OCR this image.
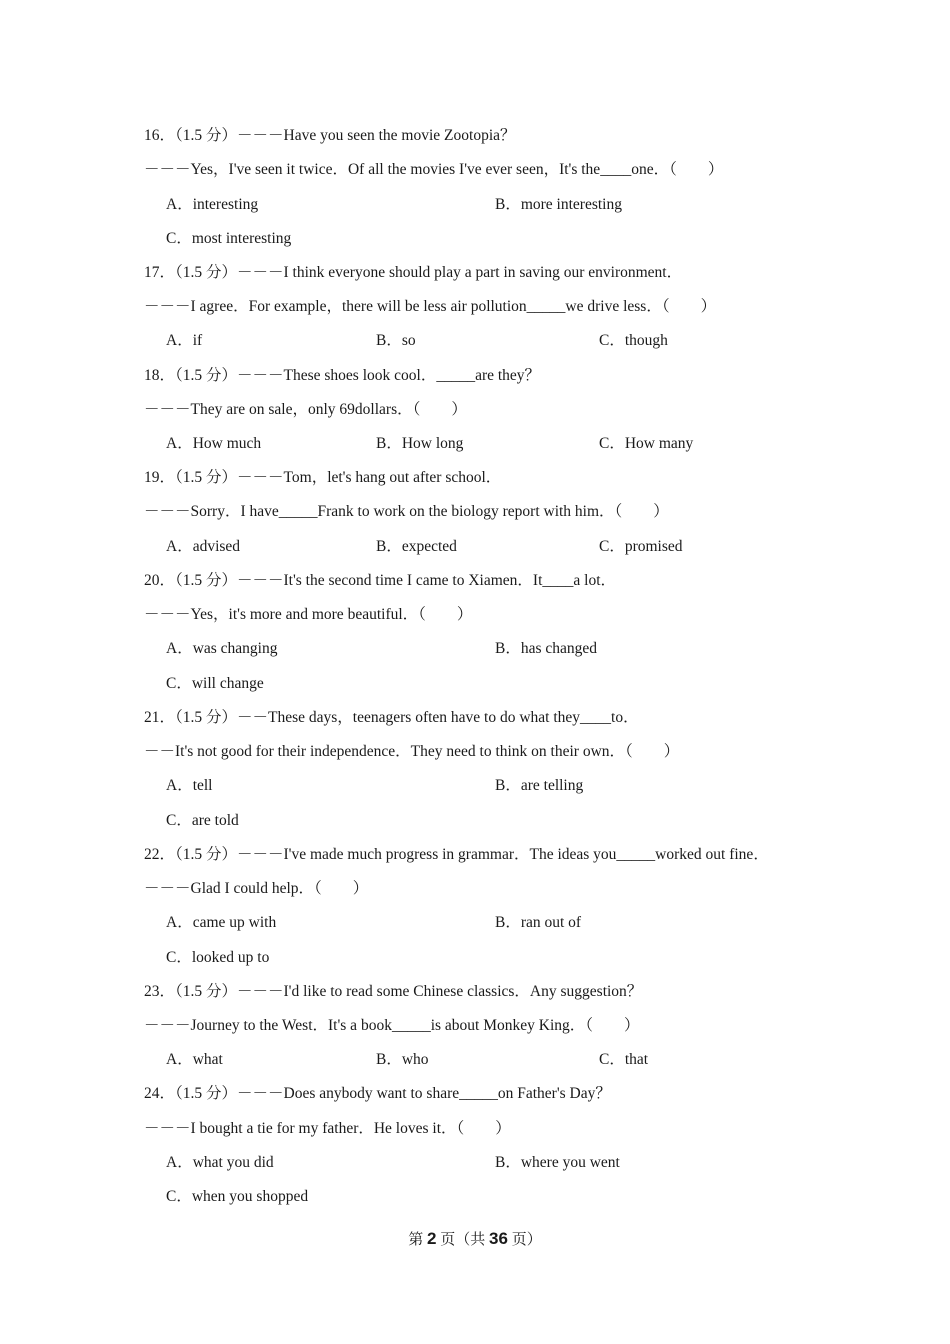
16．（1.5 分）－－－Have you seen the movie Zootopia？
－－－Yes，I've seen it twice．Of all the movies I've ever seen，It's the____one．（　　）
A．interesting	B．more interesting
C．most interesting
17．（1.5 分）－－－I think everyone should play a part in saving our environment．
－－－I agree．For example，there will be less air pollution_____we drive less．（　　）
A．if	B．so	C．though
18．（1.5 分）－－－These shoes look cool．_____are they？
－－－They are on sale，only 69dollars．（　　）
A．How much	B．How long	C．How many
19．（1.5 分）－－－Tom，let's hang out after school．
－－－Sorry．I have_____Frank to work on the biology report with him．（　　）
A．advised	B．expected	C．promised
20．（1.5 分）－－－It's the second time I came to Xiamen．It____a lot．
－－－Yes，it's more and more beautiful．（　　）
A．was changing	B．has changed
C．will change
21．（1.5 分）－－These days，teenagers often have to do what they____to．
－－It's not good for their independence．They need to think on their own．（　　）
A．tell	B．are telling
C．are told
22．（1.5 分）－－－I've made much progress in grammar．The ideas you_____worked out fine．
－－－Glad I could help．（　　）
A．came up with	B．ran out of
C．looked up to
23．（1.5 分）－－－I'd like to read some Chinese classics．Any suggestion？
－－－Journey to the West．It's a book_____is about Monkey King．（　　）
A．what	B．who	C．that
24．（1.5 分）－－－Does anybody want to share_____on Father's Day？
－－－I bought a tie for my father．He loves it．（　　）
A．what you did	B．where you went
C．when you shopped
第 2 页（共 36 页）
